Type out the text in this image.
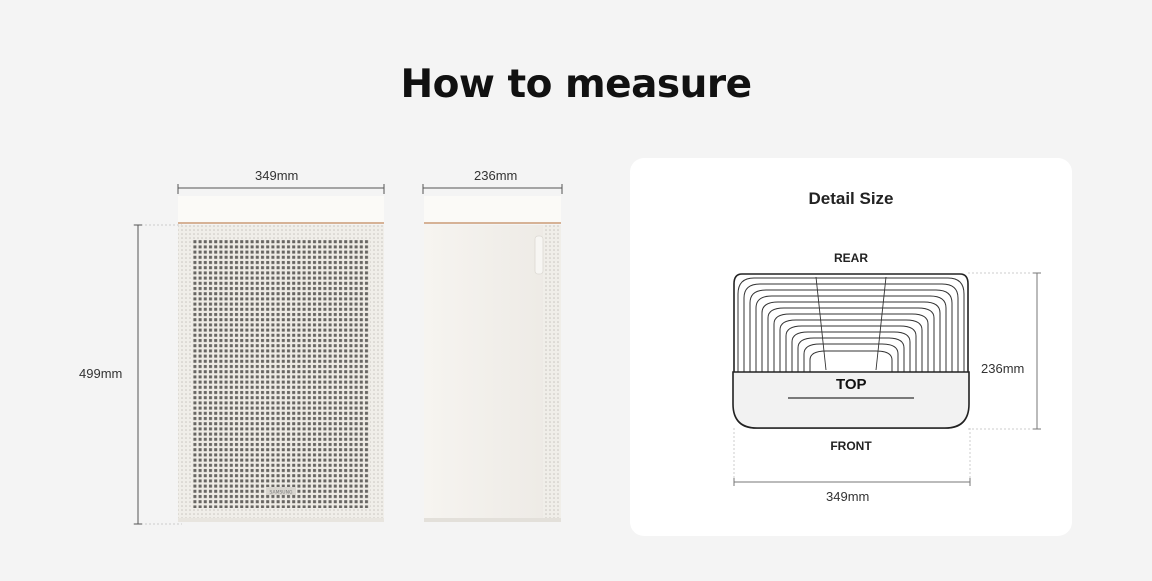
How to measure
SAMSUNG
349mm
499mm
236mm
Detail Size
REAR
TOP
FRONT
236mm
349mm
